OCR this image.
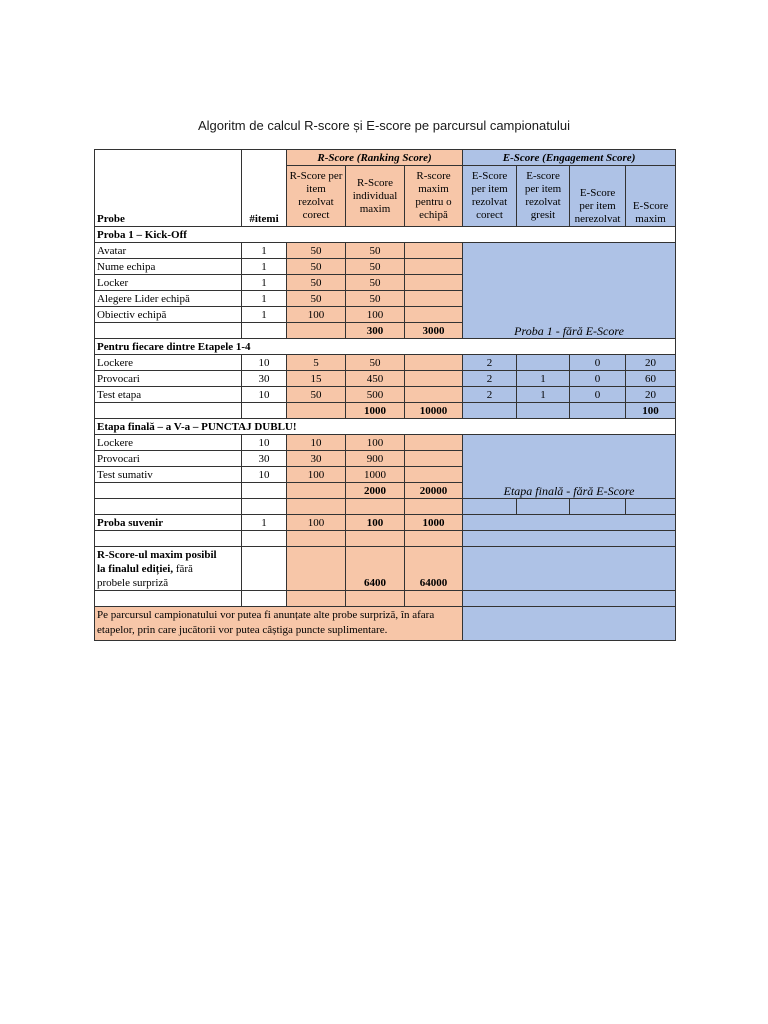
Algoritm de calcul R-score și E-score pe parcursul campionatului
Probe	#itemi	R-Score (Ranking Score)			E-Score (Engagement Score)			
		R-Score per item rezolvat corect	R-Score individual maxim	R-score maxim pentru o echipă	E-Score per item rezolvat corect	E-score per item rezolvat gresit	E-Score per item nerezolvat	E-Score maxim
Proba 1 – Kick-Off								
Avatar	1	50	50		Proba 1 - fără E-Score			
Nume echipa	1	50	50					
Locker	1	50	50					
Alegere Lider echipă	1	50	50					
Obiectiv echipă	1	100	100					
			300	3000				
Pentru fiecare dintre Etapele 1-4								
Lockere	10	5	50		2		0	20
Provocari	30	15	450		2	1	0	60
Test etapa	10	50	500		2	1	0	20
			1000	10000				100
Etapa finală – a V-a – PUNCTAJ DUBLU!								
Lockere	10	10	100		Etapa finală - fără E-Score			
Provocari	30	30	900					
Test sumativ	10	100	1000					
			2000	20000				

Proba suvenir	1	100	100	1000				

R-Score-ul maxim posibil
la finalul ediției, fără
probele surpriză			6400	64000				

Pe parcursul campionatului vor putea fi anunțate alte probe surpriză, în afara etapelor, prin care jucătorii vor putea câștiga puncte suplimentare.								
